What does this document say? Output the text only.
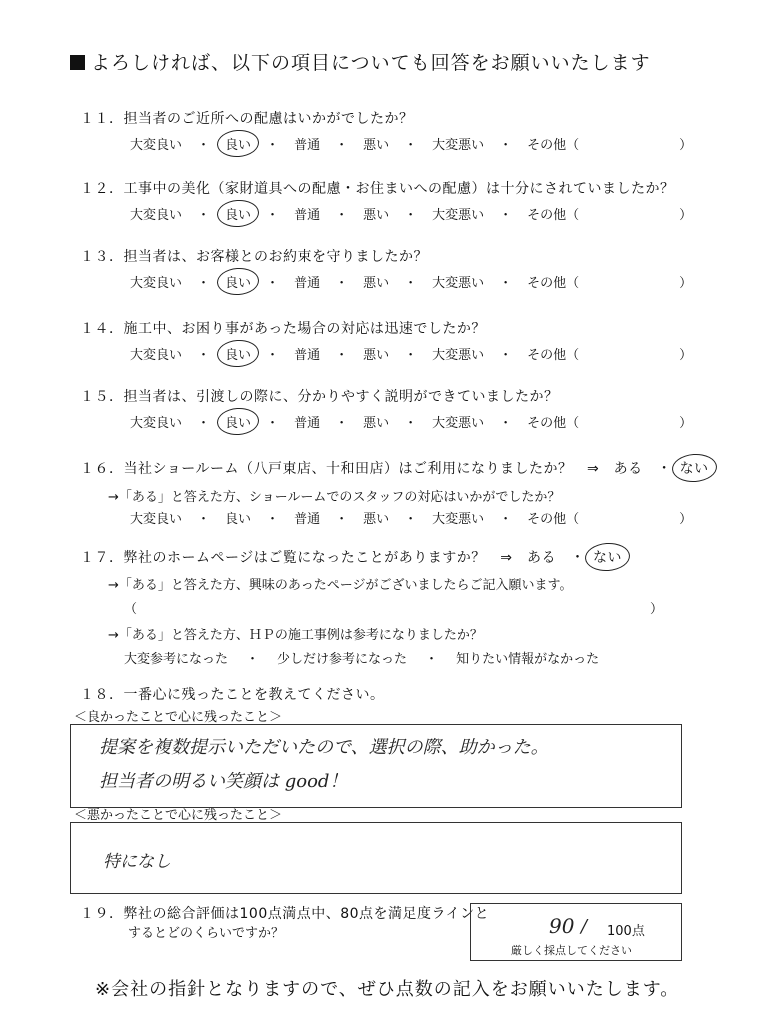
よろしければ、以下の項目についても回答をお願いいたします
１１．担当者のご近所への配慮はいかがでしたか？
大変良い ・ 良い ・ 普通 ・ 悪い ・ 大変悪い ・ その他（	）
１２．工事中の美化（家財道具への配慮・お住まいへの配慮）は十分にされていましたか？
大変良い ・ 良い ・ 普通 ・ 悪い ・ 大変悪い ・ その他（	）
１３．担当者は、お客様とのお約束を守りましたか？
大変良い ・ 良い ・ 普通 ・ 悪い ・ 大変悪い ・ その他（	）
１４．施工中、お困り事があった場合の対応は迅速でしたか？
大変良い ・ 良い ・ 普通 ・ 悪い ・ 大変悪い ・ その他（	）
１５．担当者は、引渡しの際に、分かりやすく説明ができていましたか？
大変良い ・ 良い ・ 普通 ・ 悪い ・ 大変悪い ・ その他（	）
１６．当社ショールーム（八戸東店、十和田店）はご利用になりましたか？　⇒　ある　・ ない
→「ある」と答えた方、ショールームでのスタッフの対応はいかがでしたか？
大変良い ・ 良い ・ 普通 ・ 悪い ・ 大変悪い ・ その他（	）
１７．弊社のホームページはご覧になったことがありますか？　⇒　ある　・ ない
→「ある」と答えた方、興味のあったページがございましたらご記入願います。
（	）
→「ある」と答えた方、ＨＰの施工事例は参考になりましたか？
大変参考になった ・ 少しだけ参考になった ・ 知りたい情報がなかった
１８．一番心に残ったことを教えてください。
＜良かったことで心に残ったこと＞
提案を複数提示いただいたので、選択の際、助かった。
担当者の明るい笑顔は good！
＜悪かったことで心に残ったこと＞
特になし
１９．弊社の総合評価は100点満点中、80点を満足度ラインと
するとどのくらいですか？	90 / 100点
厳しく採点してください
※会社の指針となりますので、ぜひ点数の記入をお願いいたします。
